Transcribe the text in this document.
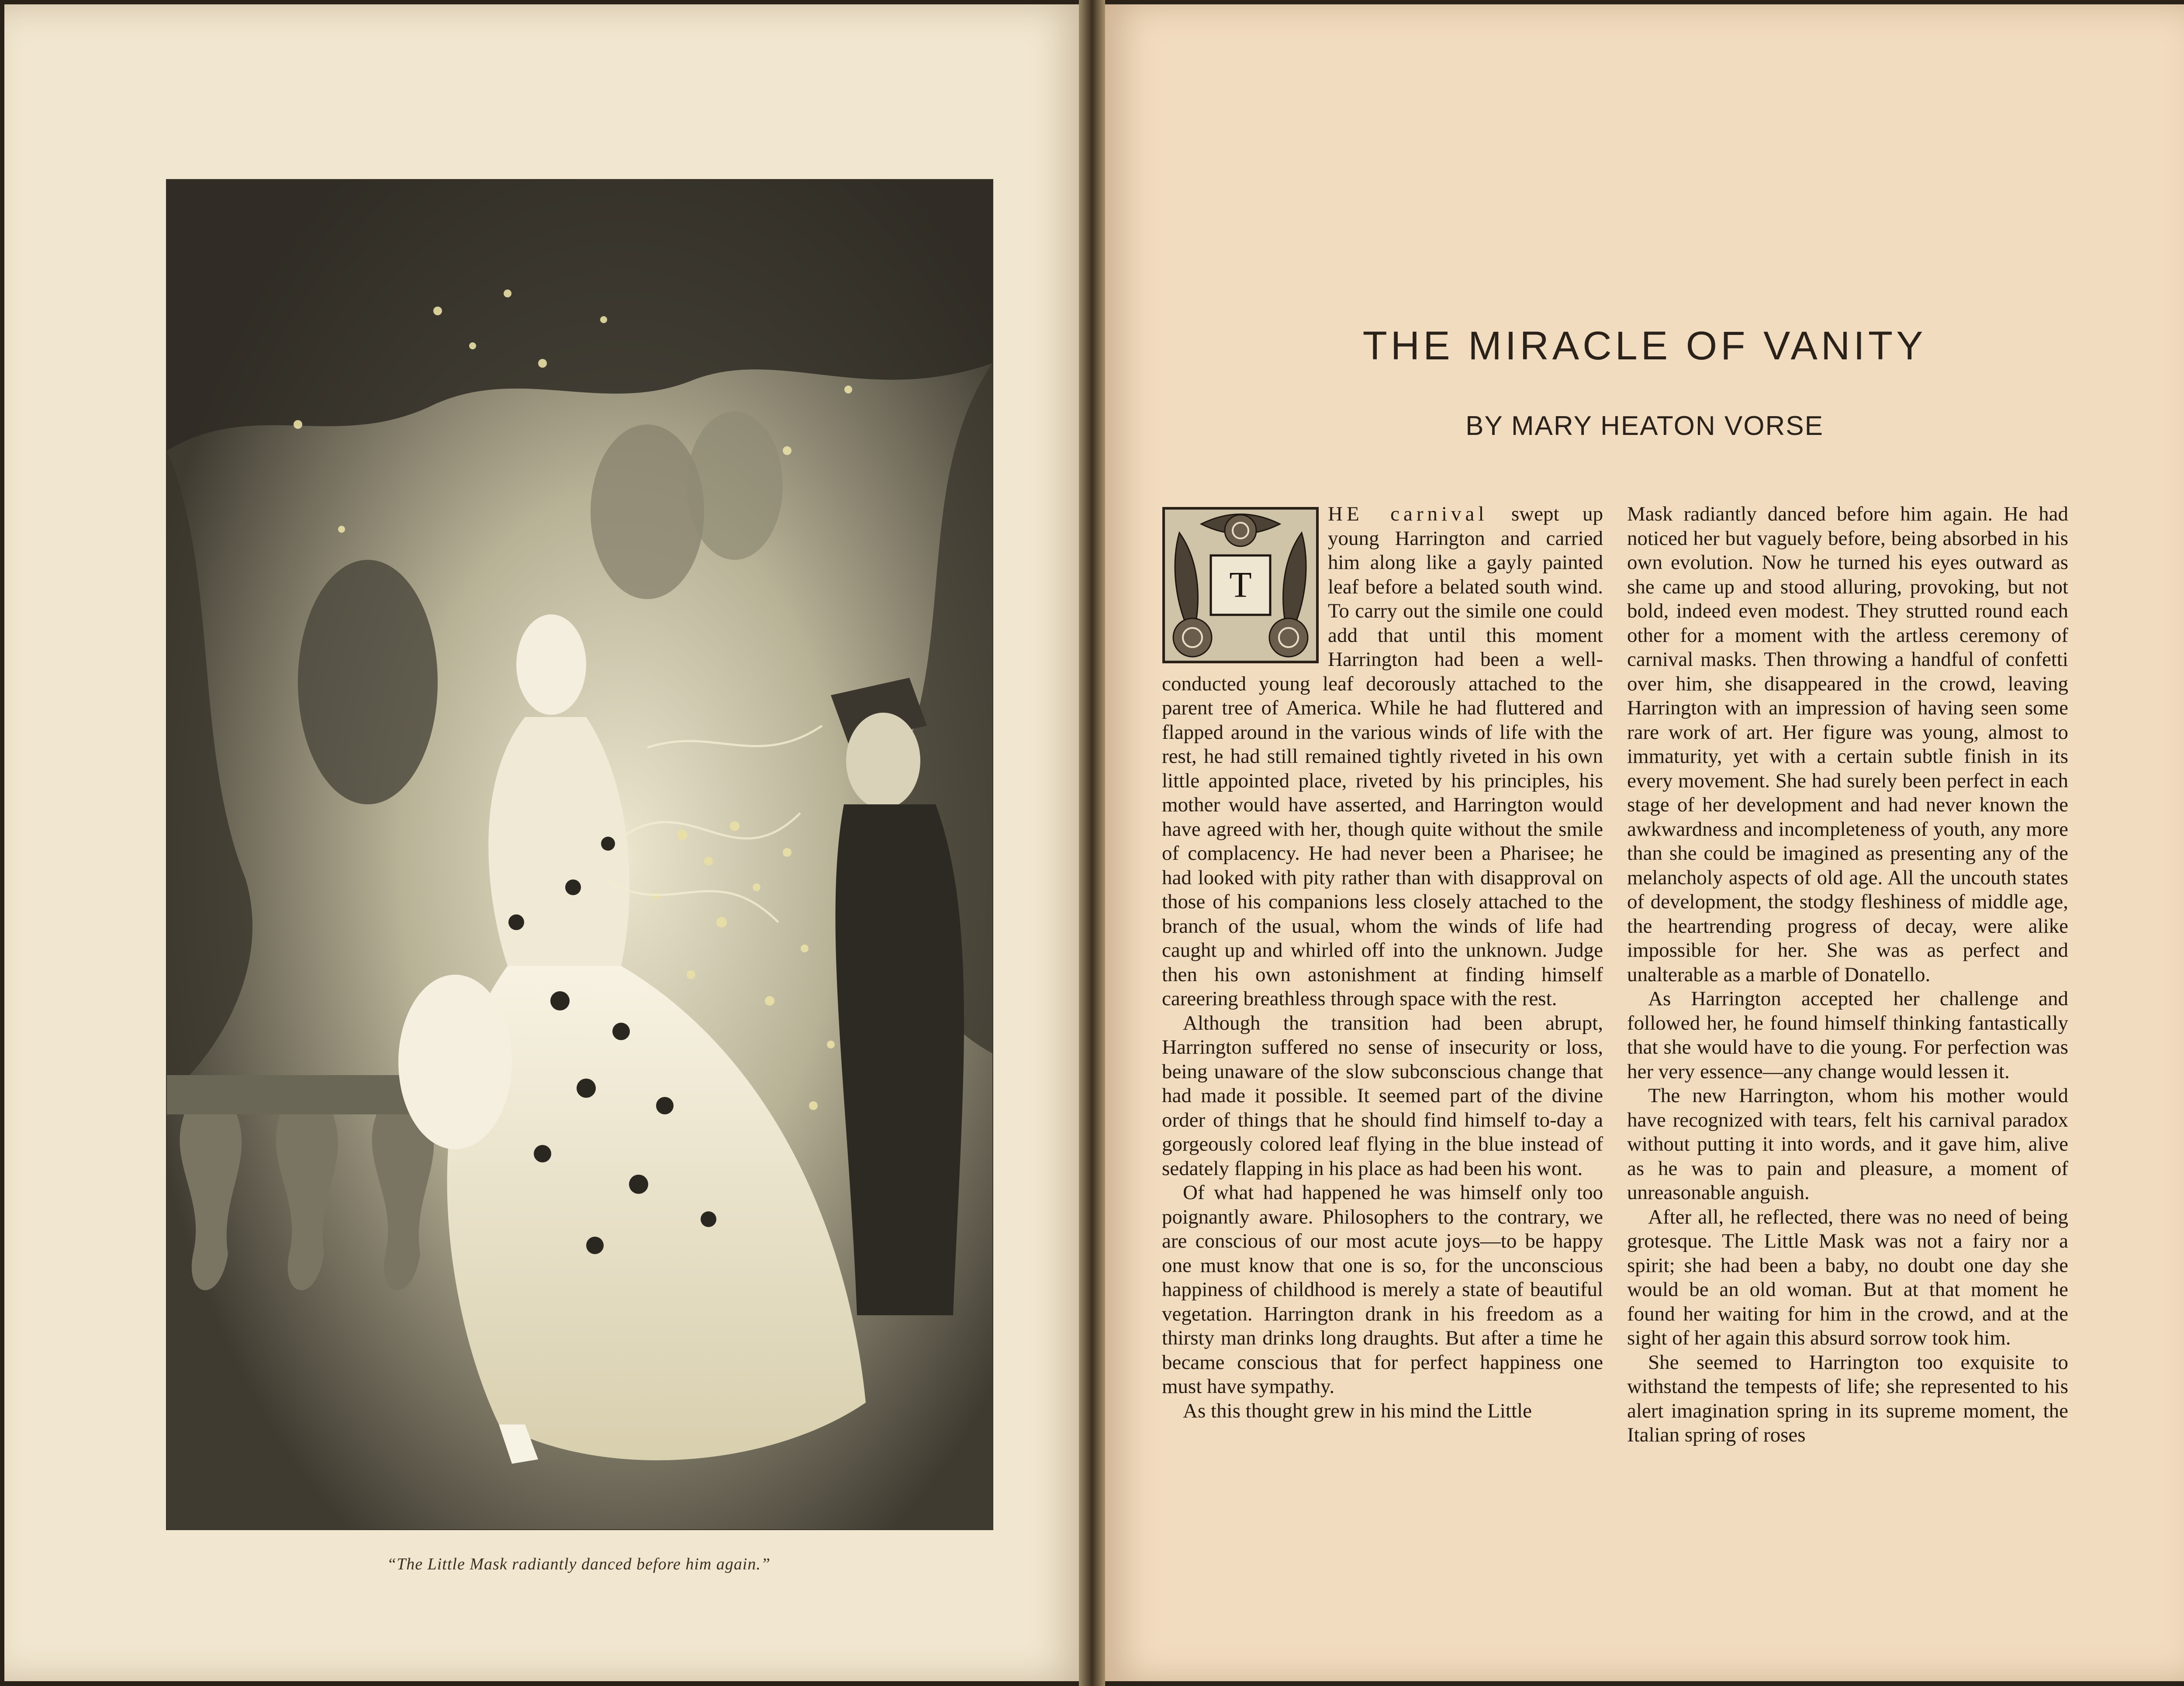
“The Little Mask radiantly danced before him again.”
THE MIRACLE OF VANITY
BY MARY HEATON VORSE
T

HE carnival swept up young Harrington and carried him along like a gayly painted leaf before a belated south wind. To carry out the simile one could add that until this moment Harrington had been a well-conducted young leaf decorously attached to the parent tree of America. While he had fluttered and flapped around in the various winds of life with the rest, he had still remained tightly riveted in his own little appointed place, riveted by his principles, his mother would have asserted, and Harrington would have agreed with her, though quite without the smile of complacency. He had never been a Pharisee; he had looked with pity rather than with disapproval on those of his companions less closely attached to the branch of the usual, whom the winds of life had caught up and whirled off into the unknown. Judge then his own astonishment at finding himself careering breathless through space with the rest.

Although the transition had been abrupt, Harrington suffered no sense of insecurity or loss, being unaware of the slow subconscious change that had made it possible. It seemed part of the divine order of things that he should find himself to-day a gorgeously colored leaf flying in the blue instead of sedately flapping in his place as had been his wont.

Of what had happened he was himself only too poignantly aware. Philosophers to the contrary, we are conscious of our most acute joys—to be happy one must know that one is so, for the unconscious happiness of childhood is merely a state of beautiful vegetation. Harrington drank in his freedom as a thirsty man drinks long draughts. But after a time he became conscious that for perfect happiness one must have sympathy.

As this thought grew in his mind the Little

Mask radiantly danced before him again. He had noticed her but vaguely before, being absorbed in his own evolution. Now he turned his eyes outward as she came up and stood alluring, provoking, but not bold, indeed even modest. They strutted round each other for a moment with the artless ceremony of carnival masks. Then throwing a handful of confetti over him, she disappeared in the crowd, leaving Harrington with an impression of having seen some rare work of art. Her figure was young, almost to immaturity, yet with a certain subtle finish in its every movement. She had surely been perfect in each stage of her development and had never known the awkwardness and incompleteness of youth, any more than she could be imagined as presenting any of the melancholy aspects of old age. All the uncouth states of development, the stodgy fleshiness of middle age, the heartrending progress of decay, were alike impossible for her. She was as perfect and unalterable as a marble of Donatello.

As Harrington accepted her challenge and followed her, he found himself thinking fantastically that she would have to die young. For perfection was her very essence—any change would lessen it.

The new Harrington, whom his mother would have recognized with tears, felt his carnival paradox without putting it into words, and it gave him, alive as he was to pain and pleasure, a moment of unreasonable anguish.

After all, he reflected, there was no need of being grotesque. The Little Mask was not a fairy nor a spirit; she had been a baby, no doubt one day she would be an old woman. But at that moment he found her waiting for him in the crowd, and at the sight of her again this absurd sorrow took him.

She seemed to Harrington too exquisite to withstand the tempests of life; she represented to his alert imagination spring in its supreme moment, the Italian spring of roses
